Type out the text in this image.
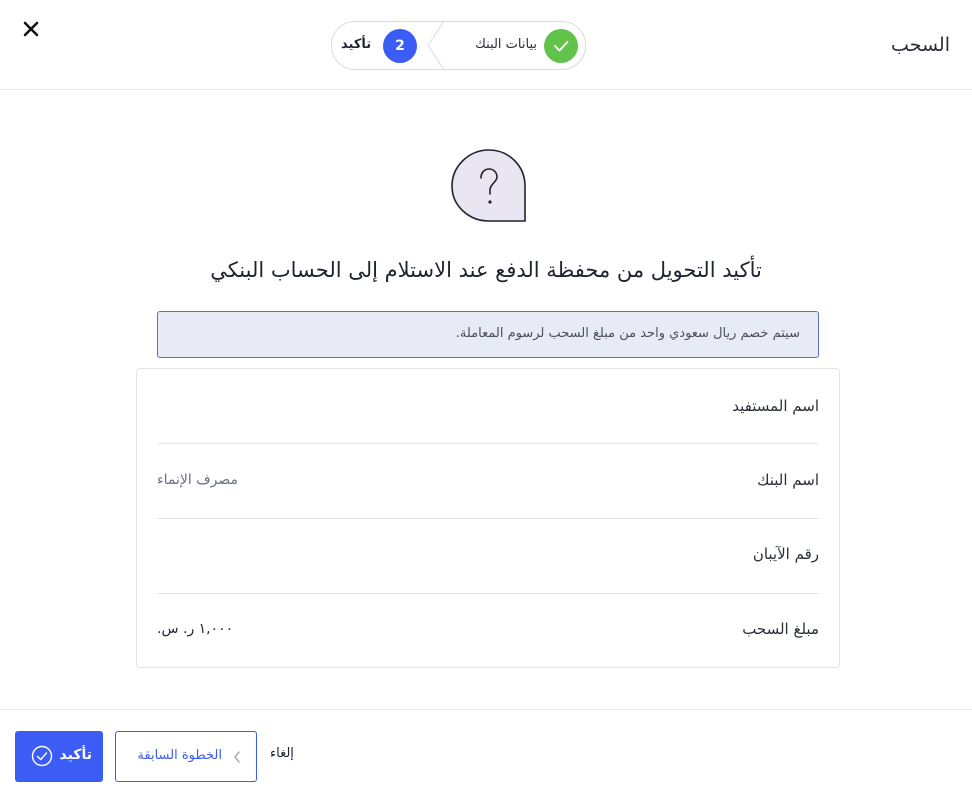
السحب
بيانات البنك
2
تأكيد
تأكيد التحويل من محفظة الدفع عند الاستلام إلى الحساب البنكي
سيتم خصم ريال سعودي واحد من مبلغ السحب لرسوم المعاملة.
اسم المستفيد
اسم البنك
مصرف الإنماء
رقم الآيبان
مبلغ السحب
١,٠٠٠ ر. س.
تأكيد	الخطوة السابقة	إلغاء
